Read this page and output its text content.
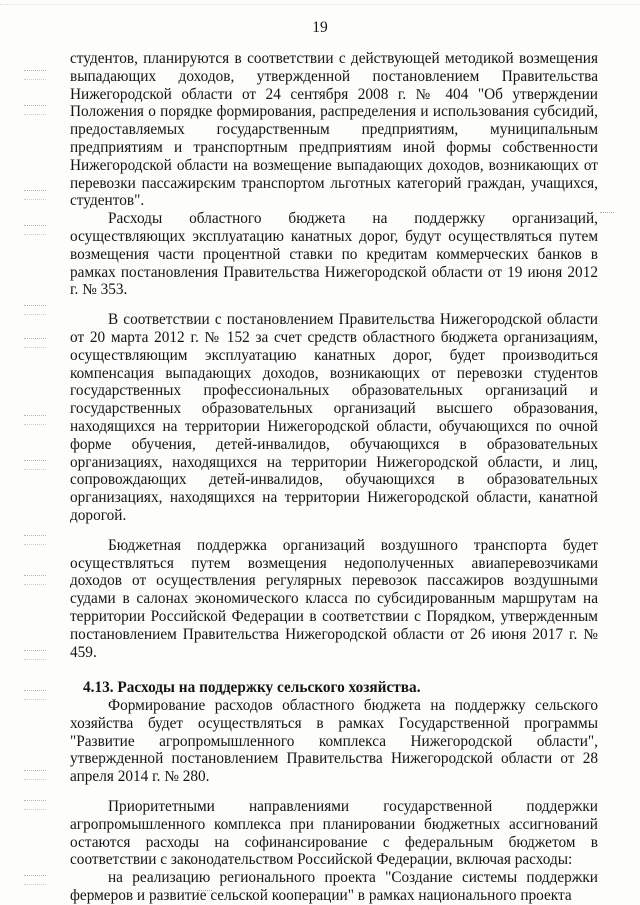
19

студентов, планируются в соответствии с действующей методикой возмещения выпадающих доходов, утвержденной постановлением Правительства Нижегородской области от 24 сентября 2008 г. № 404 "Об утверждении Положения о порядке формирования, распределения и использования субсидий, предоставляемых государственным предприятиям, муниципальным предприятиям и транспортным предприятиям иной формы собственности Нижегородской области на возмещение выпадающих доходов, возникающих от перевозки пассажирским транспортом льготных категорий граждан, учащихся, студентов".

Расходы областного бюджета на поддержку организаций, осуществляющих эксплуатацию канатных дорог, будут осуществляться путем возмещения части процентной ставки по кредитам коммерческих банков в рамках постановления Правительства Нижегородской области от 19 июня 2012 г. № 353.

В соответствии с постановлением Правительства Нижегородской области от 20 марта 2012 г. № 152 за счет средств областного бюджета организациям, осуществляющим эксплуатацию канатных дорог, будет производиться компенсация выпадающих доходов, возникающих от перевозки студентов государственных профессиональных образовательных организаций и государственных образовательных организаций высшего образования, находящихся на территории Нижегородской области, обучающихся по очной форме обучения, детей-инвалидов, обучающихся в образовательных организациях, находящихся на территории Нижегородской области, и лиц, сопровождающих детей-инвалидов, обучающихся в образовательных организациях, находящихся на территории Нижегородской области, канатной дорогой.

Бюджетная поддержка организаций воздушного транспорта будет осуществляться путем возмещения недополученных авиаперевозчиками доходов от осуществления регулярных перевозок пассажиров воздушными судами в салонах экономического класса по субсидированным маршрутам на территории Российской Федерации в соответствии с Порядком, утвержденным постановлением Правительства Нижегородской области от 26 июня 2017 г. № 459.

4.13. Расходы на поддержку сельского хозяйства.

Формирование расходов областного бюджета на поддержку сельского хозяйства будет осуществляться в рамках Государственной программы "Развитие агропромышленного комплекса Нижегородской области", утвержденной постановлением Правительства Нижегородской области от 28 апреля 2014 г. № 280.

Приоритетными направлениями государственной поддержки агропромышленного комплекса при планировании бюджетных ассигнований остаются расходы на софинансирование с федеральным бюджетом в соответствии с законодательством Российской Федерации, включая расходы:

на реализацию регионального проекта "Создание системы поддержки фермеров и развитие сельской кооперации" в рамках национального проекта
